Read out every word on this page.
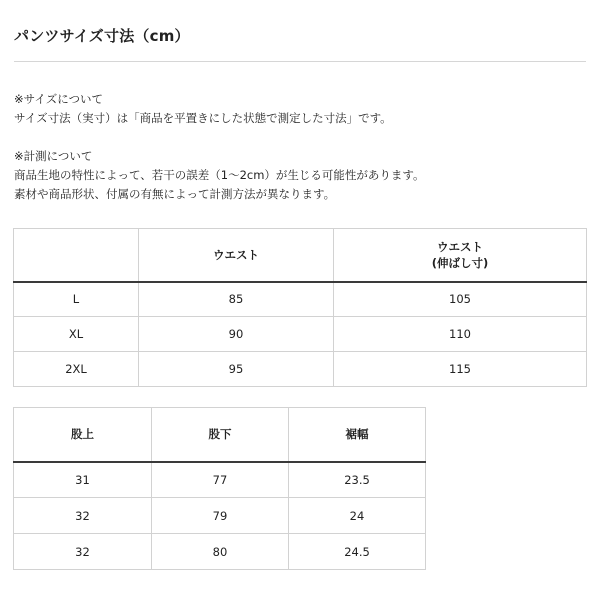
パンツサイズ寸法（cm）

※サイズについて

サイズ寸法（実寸）は「商品を平置きにした状態で測定した寸法」です。

※計測について

商品生地の特性によって、若干の誤差（1～2cm）が生じる可能性があります。

素材や商品形状、付属の有無によって計測方法が異なります。

	ウエスト	ウエスト
(伸ばし寸)

L	85	105
XL	90	110
2XL	95	115
股上	股下	裾幅
31	77	23.5
32	79	24
32	80	24.5
